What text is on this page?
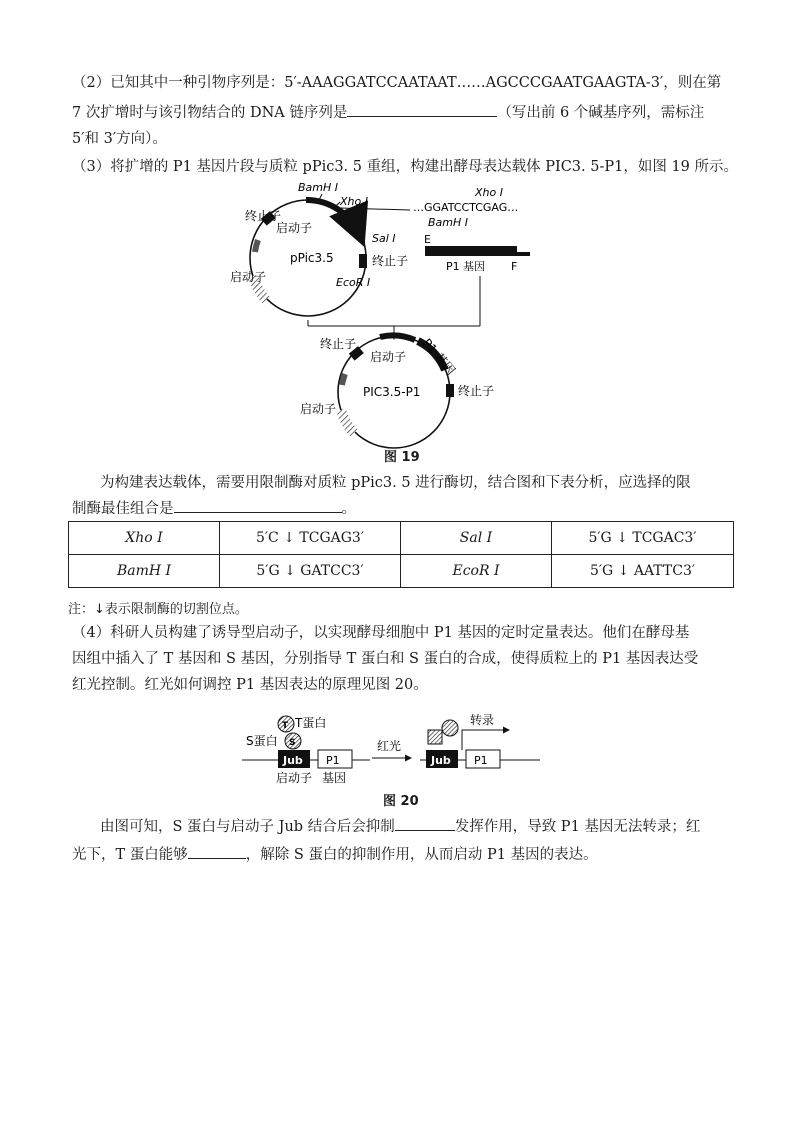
（2）已知其中一种引物序列是：5′-AAAGGATCCAATAAT……AGCCCGAATGAAGTA-3′，则在第

7 次扩增时与该引物结合的 DNA 链序列是	（写出前 6 个碱基序列，需标注

5′和 3′方向）。

（3）将扩增的 P1 基因片段与质粒 pPic3. 5 重组，构建出酵母表达载体 PIC3. 5-P1，如图 19 所示。

pPic3.5
BamH Ⅰ
Xho Ⅰ
Sal Ⅰ
EcoR Ⅰ
终止子
启动子
终止子
启动子
Xho Ⅰ
…GGATCCTCGAG…
BamH Ⅰ
E
P1 基因 F
PIC3.5-P1
终止子
启动子 P1 基因
终止子
启动子
图 19

为构建表达载体，需要用限制酶对质粒 pPic3. 5 进行酶切，结合图和下表分析，应选择的限

制酶最佳组合是	。

Xho Ⅰ	5′C ↓ TCGAG3′	Sal Ⅰ	5′G ↓ TCGAC3′
BamH Ⅰ	5′G ↓ GATCC3′	EcoR Ⅰ	5′G ↓ AATTC3′
注：↓表示限制酶的切割位点。

（4）科研人员构建了诱导型启动子，以实现酵母细胞中 P1 基因的定时定量表达。他们在酵母基

因组中插入了 T 基因和 S 基因，分别指导 T 蛋白和 S 蛋白的合成，使得质粒上的 P1 基因表达受

红光控制。红光如何调控 P1 基因表达的原理见图 20。

T T蛋白
S
S蛋白
Jub P1
启动子 基因
红光
Jub P1
转录
图 20

由图可知，S 蛋白与启动子 Jub 结合后会抑制	发挥作用，导致 P1 基因无法转录；红

光下，T 蛋白能够	，解除 S 蛋白的抑制作用，从而启动 P1 基因的表达。
